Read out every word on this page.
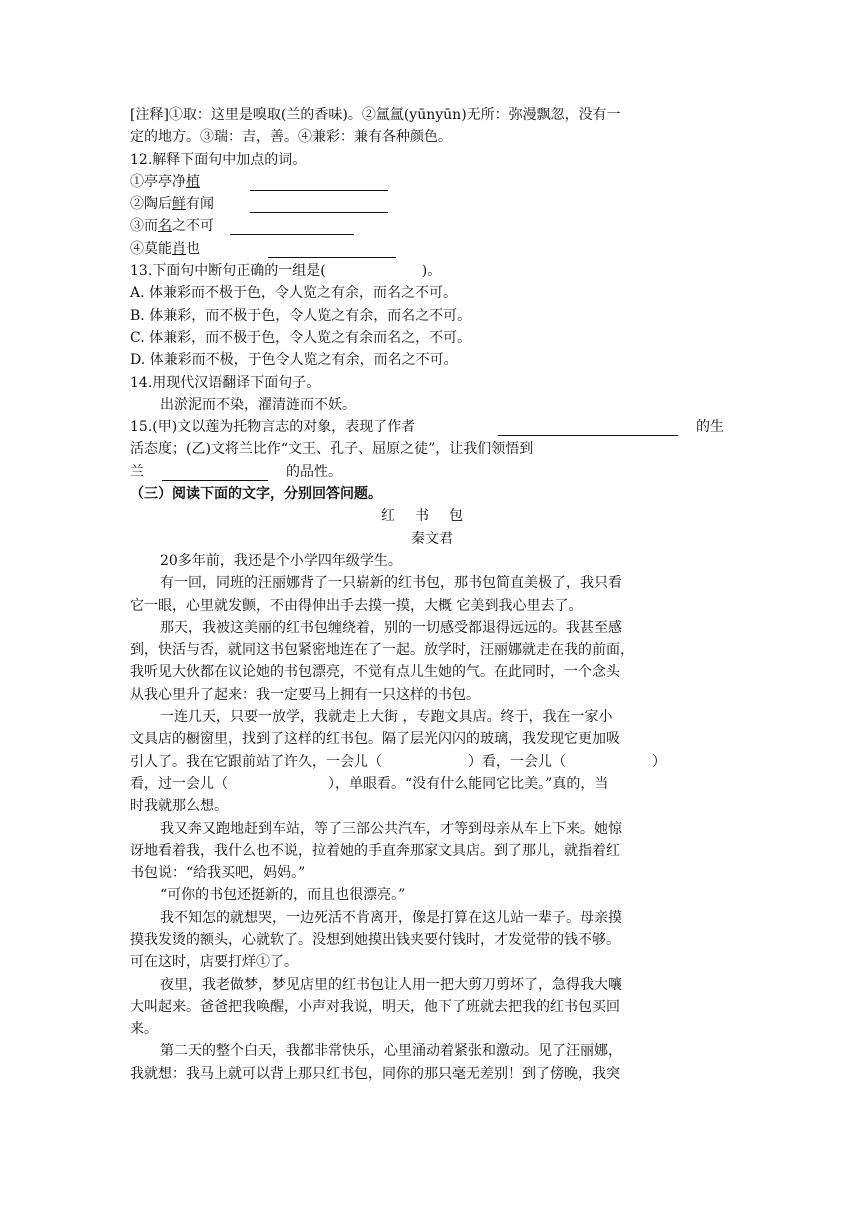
[注释]①取：这里是嗅取(兰的香味)。②氲氲(yūnyūn)无所：弥漫飘忽，没有一
定的地方。③瑞：吉，善。④兼彩：兼有各种颜色。
12.解释下面句中加点的词。
①亭亭净植
②陶后鲜有闻
③而名之不可
④莫能肖也
13.下面句中断句正确的一组是(	)。
A. 体兼彩而不极于色，令人览之有余，而名之不可。
B. 体兼彩，而不极于色，令人览之有余，而名之不可。
C. 体兼彩，而不极于色，令人览之有余而名之，不可。
D. 体兼彩而不极，于色令人览之有余，而名之不可。
14.用现代汉语翻译下面句子。
出淤泥而不染，濯清涟而不妖。
15.(甲)文以莲为托物言志的对象，表现了作者	的生
活态度；(乙)文将兰比作“文王、孔子、屈原之徒”，让我们领悟到
兰	的品性。
（三）阅读下面的文字，分别回答问题。
红书包
秦文君
20多年前，我还是个小学四年级学生。
有一回，同班的汪丽娜背了一只崭新的红书包，那书包简直美极了，我只看
它一眼，心里就发颤，不由得伸出手去摸一摸，大概 它美到我心里去了。
那天，我被这美丽的红书包缠绕着，别的一切感受都退得远远的。我甚至感
到，快活与否，就同这书包紧密地连在了一起。放学时，汪丽娜就走在我的前面，
我听见大伙都在议论她的书包漂亮，不觉有点儿生她的气。在此同时，一个念头
从我心里升了起来：我一定要马上拥有一只这样的书包。
一连几天，只要一放学，我就走上大街 ，专跑文具店。终于，我在一家小
文具店的橱窗里，找到了这样的红书包。隔了层光闪闪的玻璃，我发现它更加吸
引人了。我在它跟前站了许久，一会儿（	）看，一会儿（	）
看，过一会儿（	），单眼看。“没有什么能同它比美。”真的，当
时我就那么想。
我又奔又跑地赶到车站，等了三部公共汽车，才等到母亲从车上下来。她惊
讶地看着我，我什么也不说，拉着她的手直奔那家文具店。到了那儿，就指着红
书包说：“给我买吧，妈妈。”
“可你的书包还挺新的，而且也很漂亮。”
我不知怎的就想哭，一边死活不肯离开，像是打算在这儿站一辈子。母亲摸
摸我发烫的额头，心就软了。没想到她摸出钱夹要付钱时，才发觉带的钱不够。
可在这时，店要打烊①了。
夜里，我老做梦，梦见店里的红书包让人用一把大剪刀剪坏了，急得我大嚷
大叫起来。爸爸把我唤醒，小声对我说，明天，他下了班就去把我的红书包买回
来。
第二天的整个白天，我都非常快乐，心里涌动着紧张和激动。见了汪丽娜，
我就想：我马上就可以背上那只红书包，同你的那只毫无差别！到了傍晚，我突
